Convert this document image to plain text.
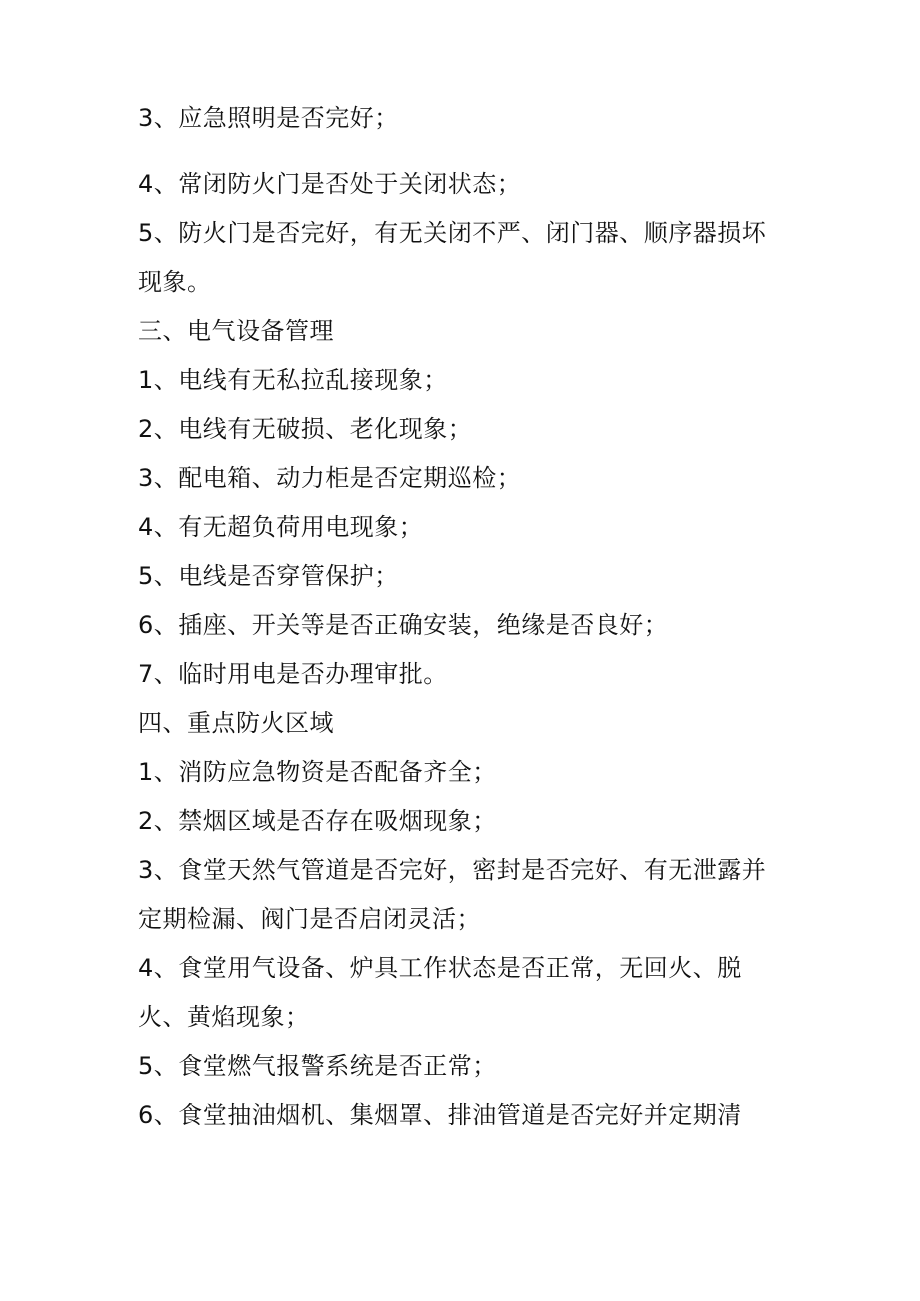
3、应急照明是否完好；
4、常闭防火门是否处于关闭状态；
5、防火门是否完好，有无关闭不严、闭门器、顺序器损坏
现象。
三、电气设备管理
1、电线有无私拉乱接现象；
2、电线有无破损、老化现象；
3、配电箱、动力柜是否定期巡检；
4、有无超负荷用电现象；
5、电线是否穿管保护；
6、插座、开关等是否正确安装，绝缘是否良好；
7、临时用电是否办理审批。
四、重点防火区域
1、消防应急物资是否配备齐全；
2、禁烟区域是否存在吸烟现象；
3、食堂天然气管道是否完好，密封是否完好、有无泄露并
定期检漏、阀门是否启闭灵活；
4、食堂用气设备、炉具工作状态是否正常，无回火、脱
火、黄焰现象；
5、食堂燃气报警系统是否正常；
6、食堂抽油烟机、集烟罩、排油管道是否完好并定期清
